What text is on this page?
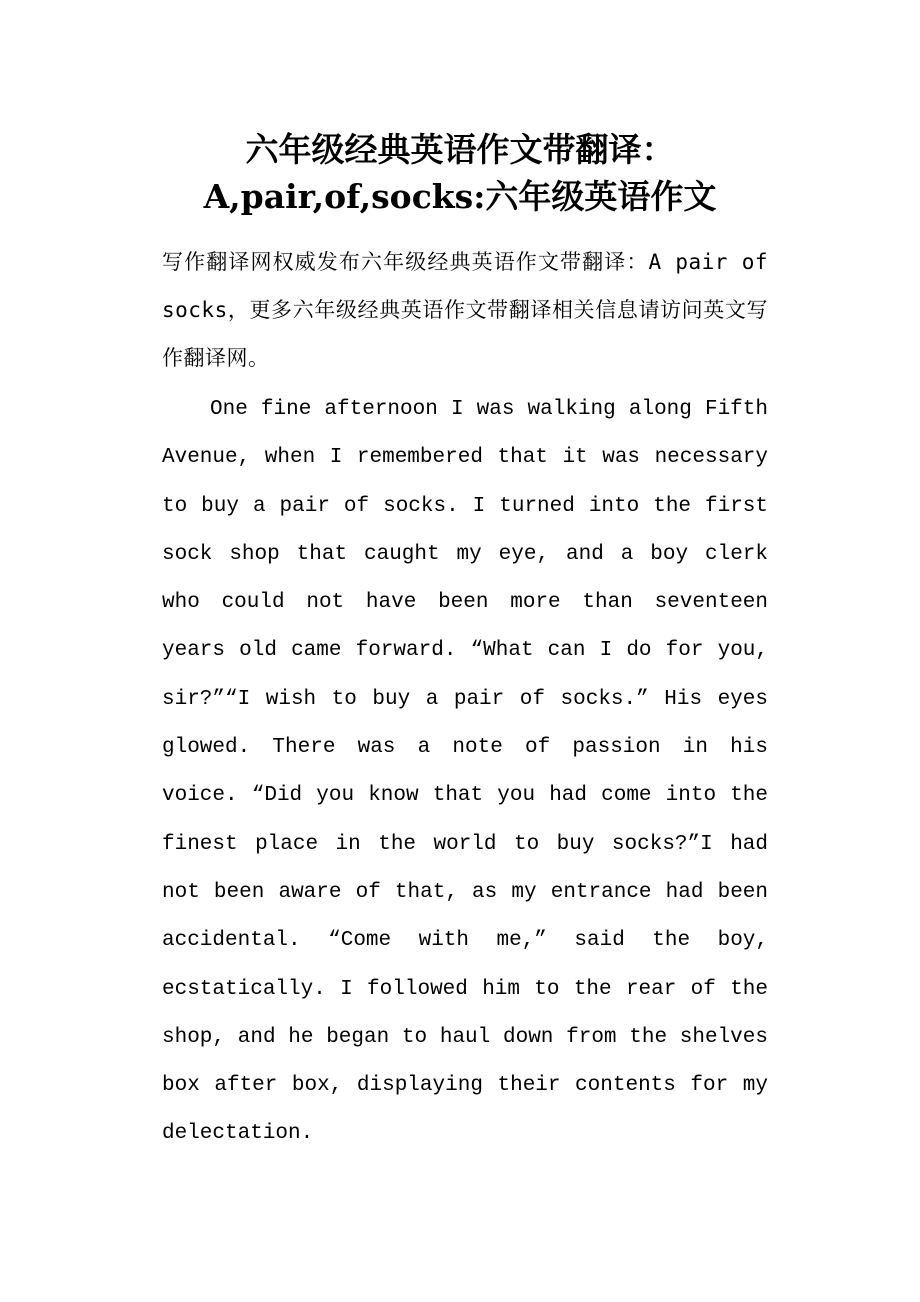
六年级经典英语作文带翻译：
A,pair,of,socks:六年级英语作文

写作翻译网权威发布六年级经典英语作文带翻译：A pair of socks，更多六年级经典英语作文带翻译相关信息请访问英文写作翻译网。

One fine afternoon I was walking along Fifth Avenue, when I remembered that it was necessary to buy a pair of socks. I turned into the first sock shop that caught my eye, and a boy clerk who could not have been more than seventeen years old came forward. “What can I do for you, sir?”“I wish to buy a pair of socks.” His eyes glowed. There was a note of passion in his voice. “Did you know that you had come into the finest place in the world to buy socks?”I had not been aware of that, as my entrance had been accidental. “Come with me,” said the boy, ecstatically. I followed him to the rear of the shop, and he began to haul down from the shelves box after box, displaying their contents for my delectation.
